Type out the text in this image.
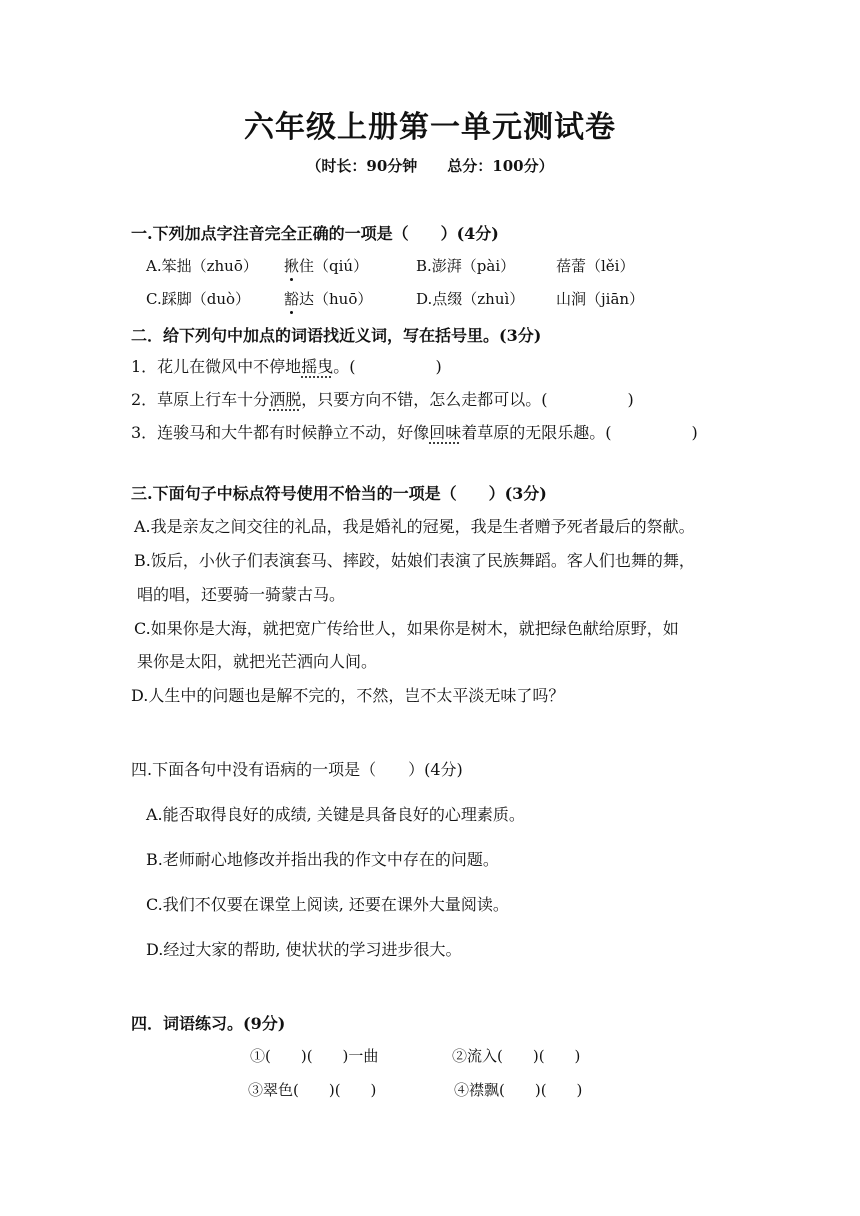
六年级上册第一单元测试卷
（时长：90分钟　　总分：100分）
一.下列加点字注音完全正确的一项是（　　）(4分)
A.笨拙（zhuō） 揪住（qiú）	B.澎湃（pài）	蓓蕾（lěi）
C.踩脚（duò） 豁达（huō）	D.点缀（zhuì） 山涧（jiān）
二．给下列句中加点的词语找近义词，写在括号里。(3分)
1．花儿在微风中不停地摇曳。(　　　　　)
2．草原上行车十分洒脱，只要方向不错，怎么走都可以。(　　　　　)
3．连骏马和大牛都有时候静立不动，好像回味着草原的无限乐趣。(　　　　　)
三.下面句子中标点符号使用不恰当的一项是（　　）(3分)
A.我是亲友之间交往的礼品，我是婚礼的冠冕，我是生者赠予死者最后的祭献。
B.饭后，小伙子们表演套马、摔跤，姑娘们表演了民族舞蹈。客人们也舞的舞，
唱的唱，还要骑一骑蒙古马。
C.如果你是大海，就把宽广传给世人，如果你是树木，就把绿色献给原野，如
果你是太阳，就把光芒洒向人间。
D.人生中的问题也是解不完的，不然，岂不太平淡无味了吗？
四.下面各句中没有语病的一项是（　　）(4分)
A.能否取得良好的成绩, 关键是具备良好的心理素质。
B.老师耐心地修改并指出我的作文中存在的问题。
C.我们不仅要在课堂上阅读, 还要在课外大量阅读。
D.经过大家的帮助, 使状状的学习进步很大。
四．词语练习。(9分)
①(　　)(　　)一曲	②流入(　　)(　　)
③翠色(　　)(　　)	④襟飘(　　)(　　)
